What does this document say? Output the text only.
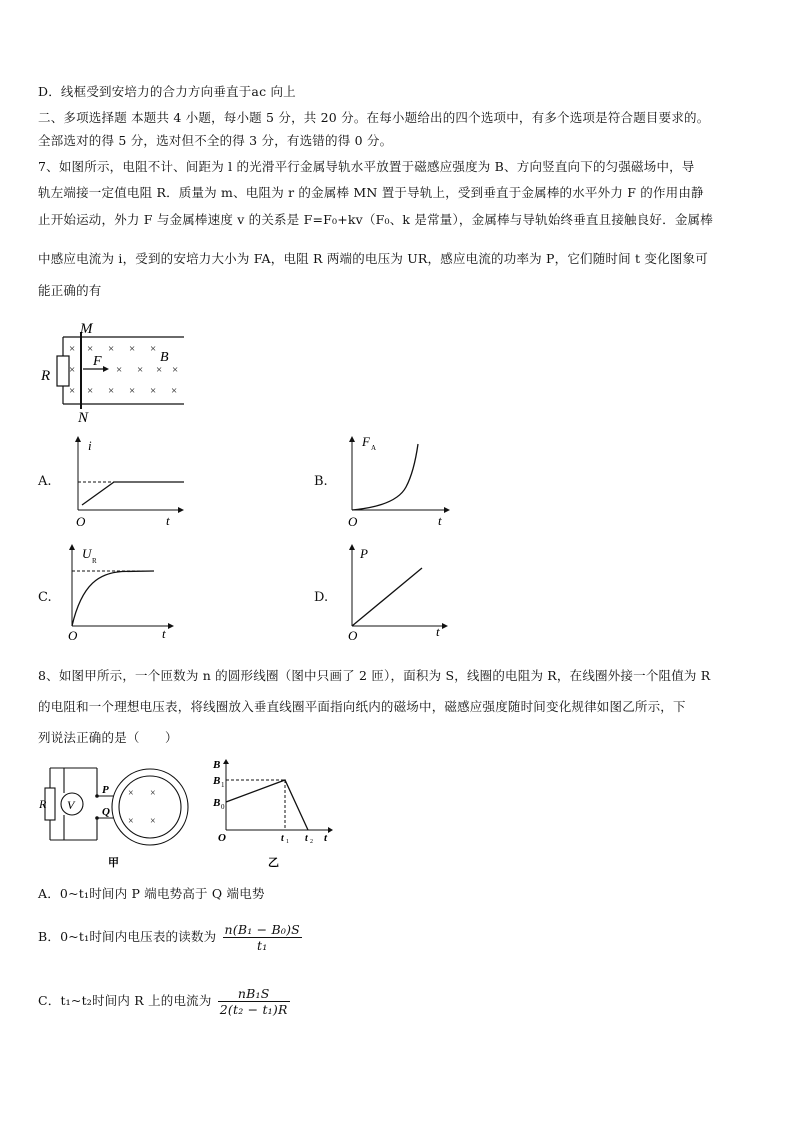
D．线框受到安培力的合力方向垂直于ac 向上
二、多项选择题 本题共 4 小题，每小题 5 分，共 20 分。在每小题给出的四个选项中，有多个选项是符合题目要求的。
全部选对的得 5 分，选对但不全的得 3 分，有选错的得 0 分。
7、如图所示，电阻不计、间距为 l 的光滑平行金属导轨水平放置于磁感应强度为 B、方向竖直向下的匀强磁场中，导
轨左端接一定值电阻 R．质量为 m、电阻为 r 的金属棒 MN 置于导轨上，受到垂直于金属棒的水平外力 F 的作用由静
止开始运动，外力 F 与金属棒速度 v 的关系是 F=F₀+kv（F₀、k 是常量），金属棒与导轨始终垂直且接触良好．金属棒
中感应电流为 i，受到的安培力大小为 FA，电阻 R 两端的电压为 UR，感应电流的功率为 P，它们随时间 t 变化图象可
能正确的有
M
N
R
F	B
×
×
×
× × × ×
× × × ×
× × × × ×
A.
i
t
O
B.
F A
t
O
C.
U R
t
O
D.
P
t
O
8、如图甲所示，一个匝数为 n 的圆形线圈（图中只画了 2 匝），面积为 S，线圈的电阻为 R，在线圈外接一个阻值为 R
的电阻和一个理想电压表，将线圈放入垂直线圈平面指向纸内的磁场中，磁感应强度随时间变化规律如图乙所示，下
列说法正确的是（　　）
R V
P
Q
× ×
× ×
甲
B
B 1
B 0
O	t 1 t 2 t
乙
A．0~t₁时间内 P 端电势高于 Q 端电势
B．0~t₁时间内电压表的读数为 $\frac{\text{n(B₁ − B₀)S}}{\text{t₁}}$
C．t₁~t₂时间内 R 上的电流为 $\frac{\text{nB₁S}}{\text{2(t₂ − t₁)R}}$
